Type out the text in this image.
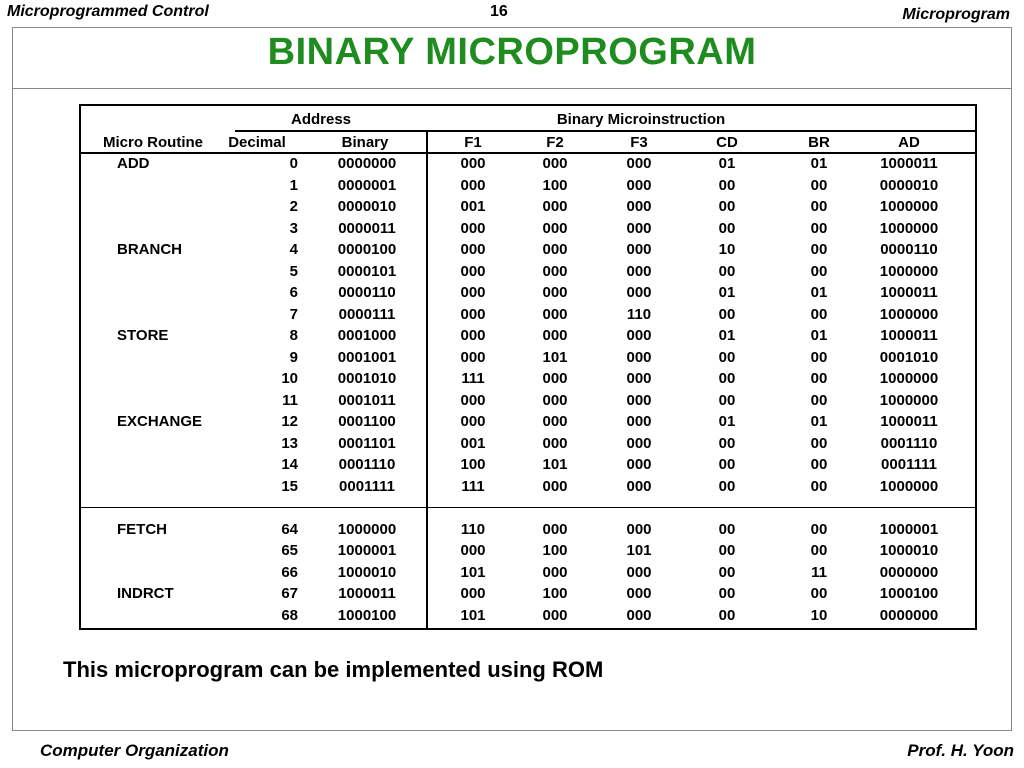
Microprogrammed Control	16	Microprogram
BINARY MICROPROGRAM
Address	Binary Microinstruction
Micro Routine Decimal	Binary	F1	F2	F3	CD	BR	AD
ADD	0	0000000	000	000	000	01	01	1000011
1	0000001	000	100	000	00	00	0000010
2	0000010	001	000	000	00	00	1000000
3	0000011	000	000	000	00	00	1000000
BRANCH	4	0000100	000	000	000	10	00	0000110
5	0000101	000	000	000	00	00	1000000
6	0000110	000	000	000	01	01	1000011
7	0000111	000	000	110	00	00	1000000
STORE	8	0001000	000	000	000	01	01	1000011
9	0001001	000	101	000	00	00	0001010
10	0001010	111	000	000	00	00	1000000
11	0001011	000	000	000	00	00	1000000
EXCHANGE	12	0001100	000	000	000	01	01	1000011
13	0001101	001	000	000	00	00	0001110
14	0001110	100	101	000	00	00	0001111
15	0001111	111	000	000	00	00	1000000
FETCH	64	1000000	110	000	000	00	00	1000001
65	1000001	000	100	101	00	00	1000010
66	1000010	101	000	000	00	11	0000000
INDRCT	67	1000011	000	100	000	00	00	1000100
68	1000100	101	000	000	00	10	0000000
This microprogram can be implemented using ROM
Computer Organization	Prof. H. Yoon
